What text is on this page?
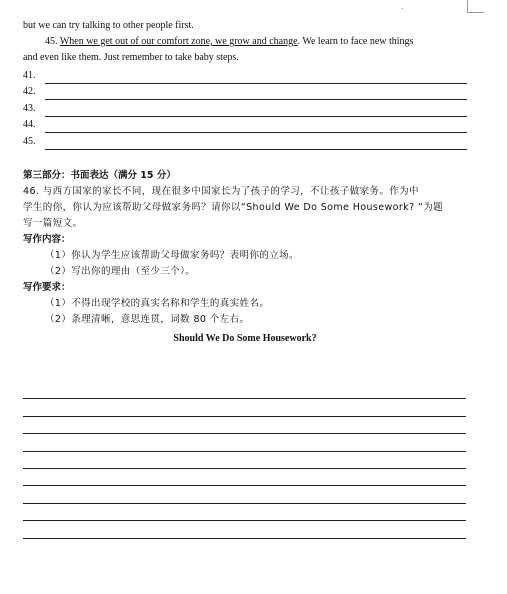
but we can try talking to other people first.
45. When we get out of our comfort zone, we grow and change. We learn to face new things
and even like them. Just remember to take baby steps.
41.
42.
43.
44.
45.
第三部分：书面表达（满分 15 分）
46. 与西方国家的家长不同，现在很多中国家长为了孩子的学习，不让孩子做家务。作为中
学生的你，你认为应该帮助父母做家务吗？请你以“Should We Do Some Housework? ”为题
写一篇短文。
写作内容：
（1）你认为学生应该帮助父母做家务吗？表明你的立场。
（2）写出你的理由（至少三个）。
写作要求：
（1）不得出现学校的真实名称和学生的真实姓名。
（2）条理清晰，意思连贯，词数 80 个左右。
Should We Do Some Housework?
